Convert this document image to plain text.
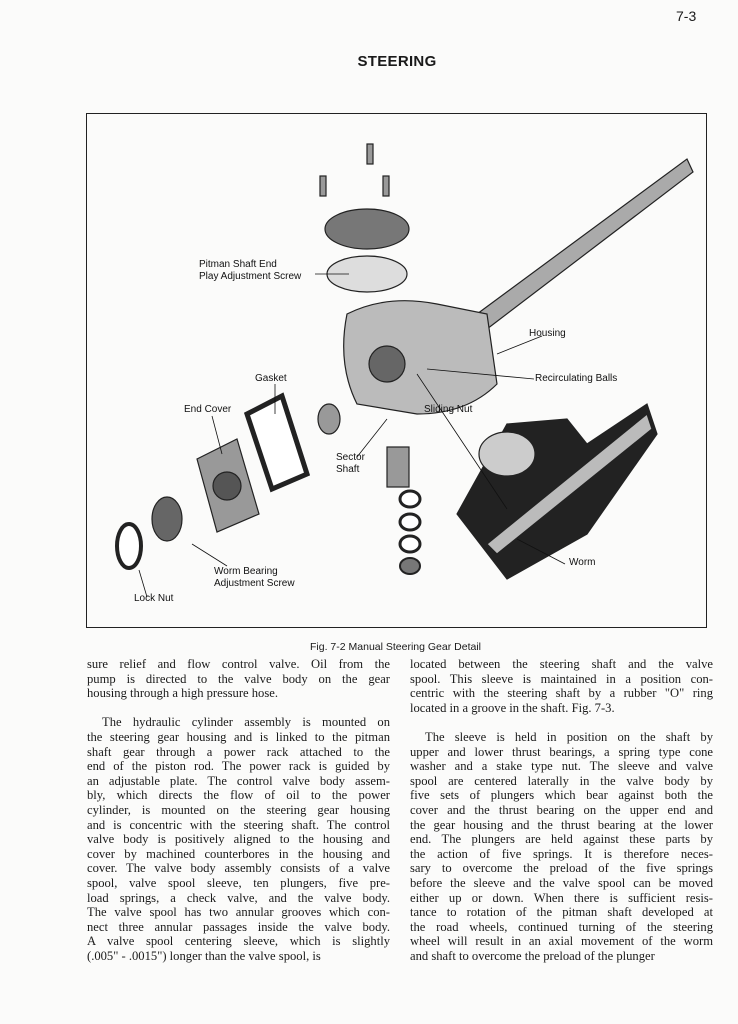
7-3
STEERING
Pitman Shaft End
Play Adjustment Screw
Housing
Gasket	Recirculating Balls
End Cover	Sliding Nut
Sector
Shaft
Worm
Worm Bearing
Adjustment Screw
Lock Nut
Fig. 7-2 Manual Steering Gear Detail
sure relief and flow control valve. Oil from the
pump is directed to the valve body on the gear
housing through a high pressure hose.
The hydraulic cylinder assembly is mounted on
the steering gear housing and is linked to the pitman
shaft gear through a power rack attached to the
end of the piston rod. The power rack is guided by
an adjustable plate. The control valve body assem-
bly, which directs the flow of oil to the power
cylinder, is mounted on the steering gear housing
and is concentric with the steering shaft. The control
valve body is positively aligned to the housing and
cover by machined counterbores in the housing and
cover. The valve body assembly consists of a valve
spool, valve spool sleeve, ten plungers, five pre-
load springs, a check valve, and the valve body.
The valve spool has two annular grooves which con-
nect three annular passages inside the valve body.
A valve spool centering sleeve, which is slightly
(.005" - .0015") longer than the valve spool, is
located between the steering shaft and the valve
spool. This sleeve is maintained in a position con-
centric with the steering shaft by a rubber "O" ring
located in a groove in the shaft. Fig. 7-3.
The sleeve is held in position on the shaft by
upper and lower thrust bearings, a spring type cone
washer and a stake type nut. The sleeve and valve
spool are centered laterally in the valve body by
five sets of plungers which bear against both the
cover and the thrust bearing on the upper end and
the gear housing and the thrust bearing at the lower
end. The plungers are held against these parts by
the action of five springs. It is therefore neces-
sary to overcome the preload of the five springs
before the sleeve and the valve spool can be moved
either up or down. When there is sufficient resis-
tance to rotation of the pitman shaft developed at
the road wheels, continued turning of the steering
wheel will result in an axial movement of the worm
and shaft to overcome the preload of the plunger
